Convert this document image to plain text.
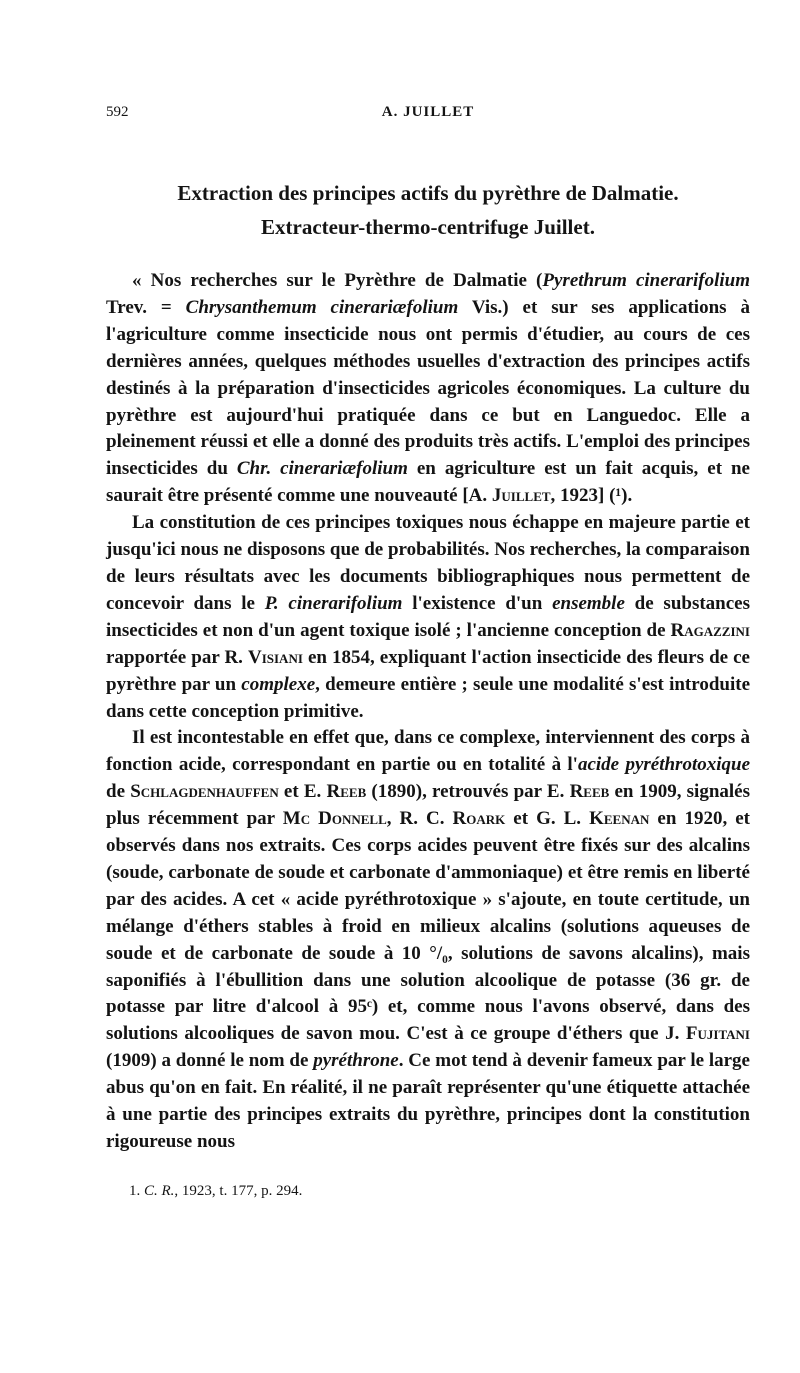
592	A. JUILLET
Extraction des principes actifs du pyrèthre de Dalmatie.
Extracteur-thermo-centrifuge Juillet.

« Nos recherches sur le Pyrèthre de Dalmatie (Pyrethrum cinerarifolium Trev. = Chrysanthemum cinerariæfolium Vis.) et sur ses applications à l'agriculture comme insecticide nous ont permis d'étudier, au cours de ces dernières années, quelques méthodes usuelles d'extraction des principes actifs destinés à la préparation d'insecticides agricoles économiques. La culture du pyrèthre est aujourd'hui pratiquée dans ce but en Languedoc. Elle a pleinement réussi et elle a donné des produits très actifs. L'emploi des principes insecticides du Chr. cinerariæfolium en agriculture est un fait acquis, et ne saurait être présenté comme une nouveauté [A. Juillet, 1923] (¹).

La constitution de ces principes toxiques nous échappe en majeure partie et jusqu'ici nous ne disposons que de probabilités. Nos recherches, la comparaison de leurs résultats avec les documents bibliographiques nous permettent de concevoir dans le P. cinerarifolium l'existence d'un ensemble de substances insecticides et non d'un agent toxique isolé ; l'ancienne conception de Ragazzini rapportée par R. Visiani en 1854, expliquant l'action insecticide des fleurs de ce pyrèthre par un complexe, demeure entière ; seule une modalité s'est introduite dans cette conception primitive.

Il est incontestable en effet que, dans ce complexe, interviennent des corps à fonction acide, correspondant en partie ou en totalité à l'acide pyréthrotoxique de Schlagdenhauffen et E. Reeb (1890), retrouvés par E. Reeb en 1909, signalés plus récemment par Mc Donnell, R. C. Roark et G. L. Keenan en 1920, et observés dans nos extraits. Ces corps acides peuvent être fixés sur des alcalins (soude, carbonate de soude et carbonate d'ammoniaque) et être remis en liberté par des acides. A cet « acide pyréthrotoxique » s'ajoute, en toute certitude, un mélange d'éthers stables à froid en milieux alcalins (solutions aqueuses de soude et de carbonate de soude à 10 °/₀, solutions de savons alcalins), mais saponifiés à l'ébullition dans une solution alcoolique de potasse (36 gr. de potasse par litre d'alcool à 95ᶜ) et, comme nous l'avons observé, dans des solutions alcooliques de savon mou. C'est à ce groupe d'éthers que J. Fujitani (1909) a donné le nom de pyréthrone. Ce mot tend à devenir fameux par le large abus qu'on en fait. En réalité, il ne paraît représenter qu'une étiquette attachée à une partie des principes extraits du pyrèthre, principes dont la constitution rigoureuse nous

1. C. R., 1923, t. 177, p. 294.
